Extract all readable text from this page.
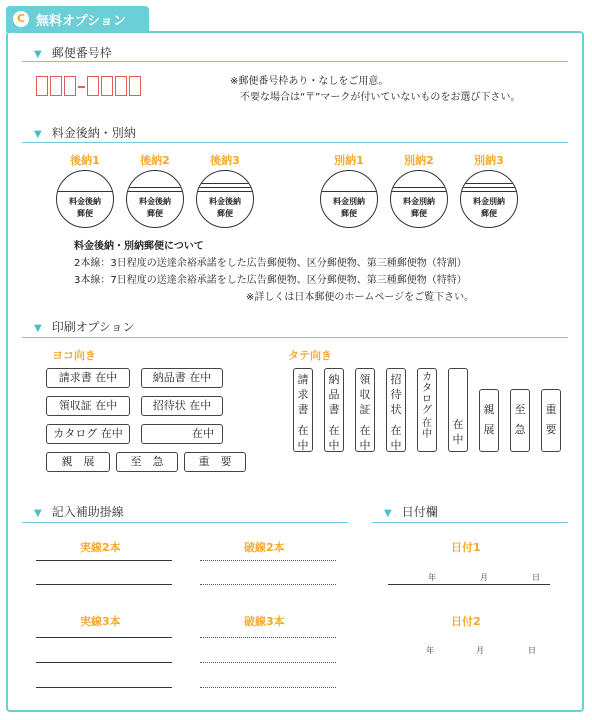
C 無料オプション
▼ 郵便番号枠
※郵便番号枠あり・なしをご用意。
不要な場合は“〒”マークが付いていないものをお選び下さい。
▼ 料金後納・別納
後納1	後納2	後納3	別納1	別納2	別納3
料金後納
郵便
料金後納
郵便
料金後納
郵便
料金別納
郵便
料金別納
郵便
料金別納
郵便
料金後納・別納郵便について
2本線：3日程度の送達余裕承諾をした広告郵便物、区分郵便物、第三種郵便物（特割）
3本線：7日程度の送達余裕承諾をした広告郵便物、区分郵便物、第三種郵便物（特特）
※詳しくは日本郵便のホームページをご覧下さい。
▼ 印刷オプション
ヨコ向き	タテ向き
請求書 在中	納品書 在中
領収証 在中	招待状 在中
カタログ 在中	在中
親　展	至　急	重　要
請
求
書
在
中
納
品
書
在
中
領
収
証
在
中
招
待
状
在
中
カ
タ
ロ
グ
在
中
在
中
親
展
至
急
重
要
▼ 記入補助掛線
実線2本	破線2本
実線3本	破線3本
▼ 日付欄
日付1
年	月	日
日付2
年	月	日
